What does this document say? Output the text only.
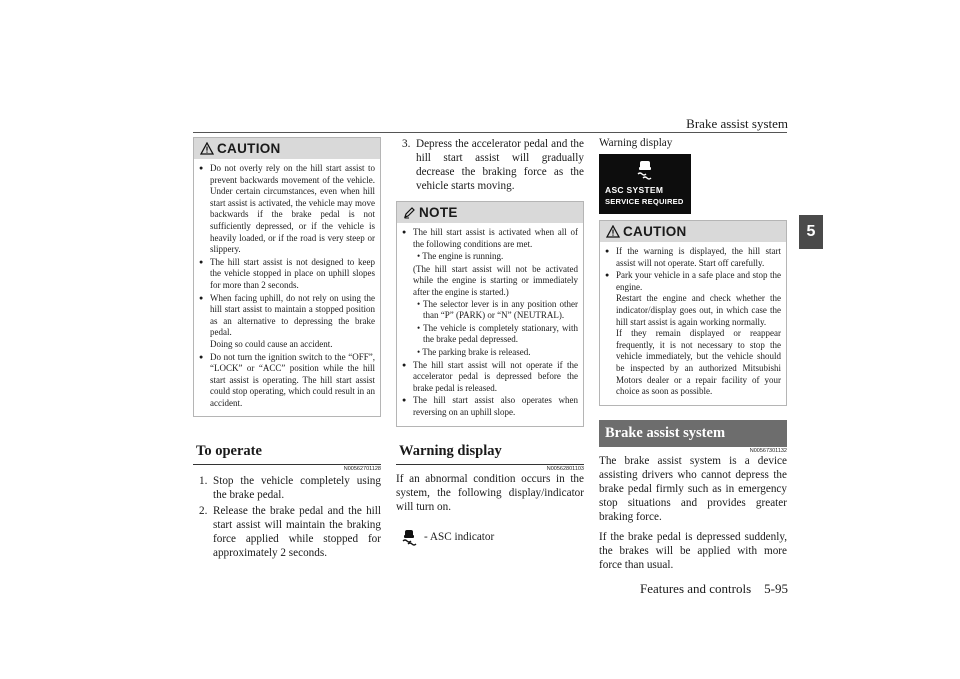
Brake assist system
5
CAUTION
● Do not overly rely on the hill start assist to prevent backwards movement of the vehicle. Under certain circumstances, even when hill start assist is activated, the vehicle may move backwards if the brake pedal is not sufficiently depressed, or if the vehicle is heavily loaded, or if the road is very steep or slippery.
● The hill start assist is not designed to keep the vehicle stopped in place on uphill slopes for more than 2 seconds.
● When facing uphill, do not rely on using the hill start assist to maintain a stopped position as an alternative to depressing the brake pedal.
Doing so could cause an accident.
● Do not turn the ignition switch to the “OFF”, “LOCK” or “ACC” position while the hill start assist is operating. The hill start assist could stop operating, which could result in an accident.
To operate
N00562701128
1. Stop the vehicle completely using the brake pedal.
2. Release the brake pedal and the hill start assist will maintain the braking force applied while stopped for approximately 2 seconds.
3. Depress the accelerator pedal and the hill start assist will gradually decrease the braking force as the vehicle starts moving.
NOTE
● The hill start assist is activated when all of the following conditions are met.
• The engine is running.
(The hill start assist will not be activated while the engine is starting or immediately after the engine is started.)
• The selector lever is in any position other than “P” (PARK) or “N” (NEUTRAL).
• The vehicle is completely stationary, with the brake pedal depressed.
• The parking brake is released.
● The hill start assist will not operate if the accelerator pedal is depressed before the brake pedal is released.
● The hill start assist also operates when reversing on an uphill slope.
Warning display
N00562801103
If an abnormal condition occurs in the system, the following display/indicator will turn on.
- ASC indicator
Warning display
ASC SYSTEM
SERVICE REQUIRED
CAUTION
● If the warning is displayed, the hill start assist will not operate. Start off carefully.
● Park your vehicle in a safe place and stop the engine.
Restart the engine and check whether the indicator/display goes out, in which case the hill start assist is again working normally.
If they remain displayed or reappear frequently, it is not necessary to stop the vehicle immediately, but the vehicle should be inspected by an authorized Mitsubishi Motors dealer or a repair facility of your choice as soon as possible.
Brake assist system
N00567301132
The brake assist system is a device assisting drivers who cannot depress the brake pedal firmly such as in emergency stop situations and provides greater braking force.
If the brake pedal is depressed suddenly, the brakes will be applied with more force than usual.
Features and controls    5-95
